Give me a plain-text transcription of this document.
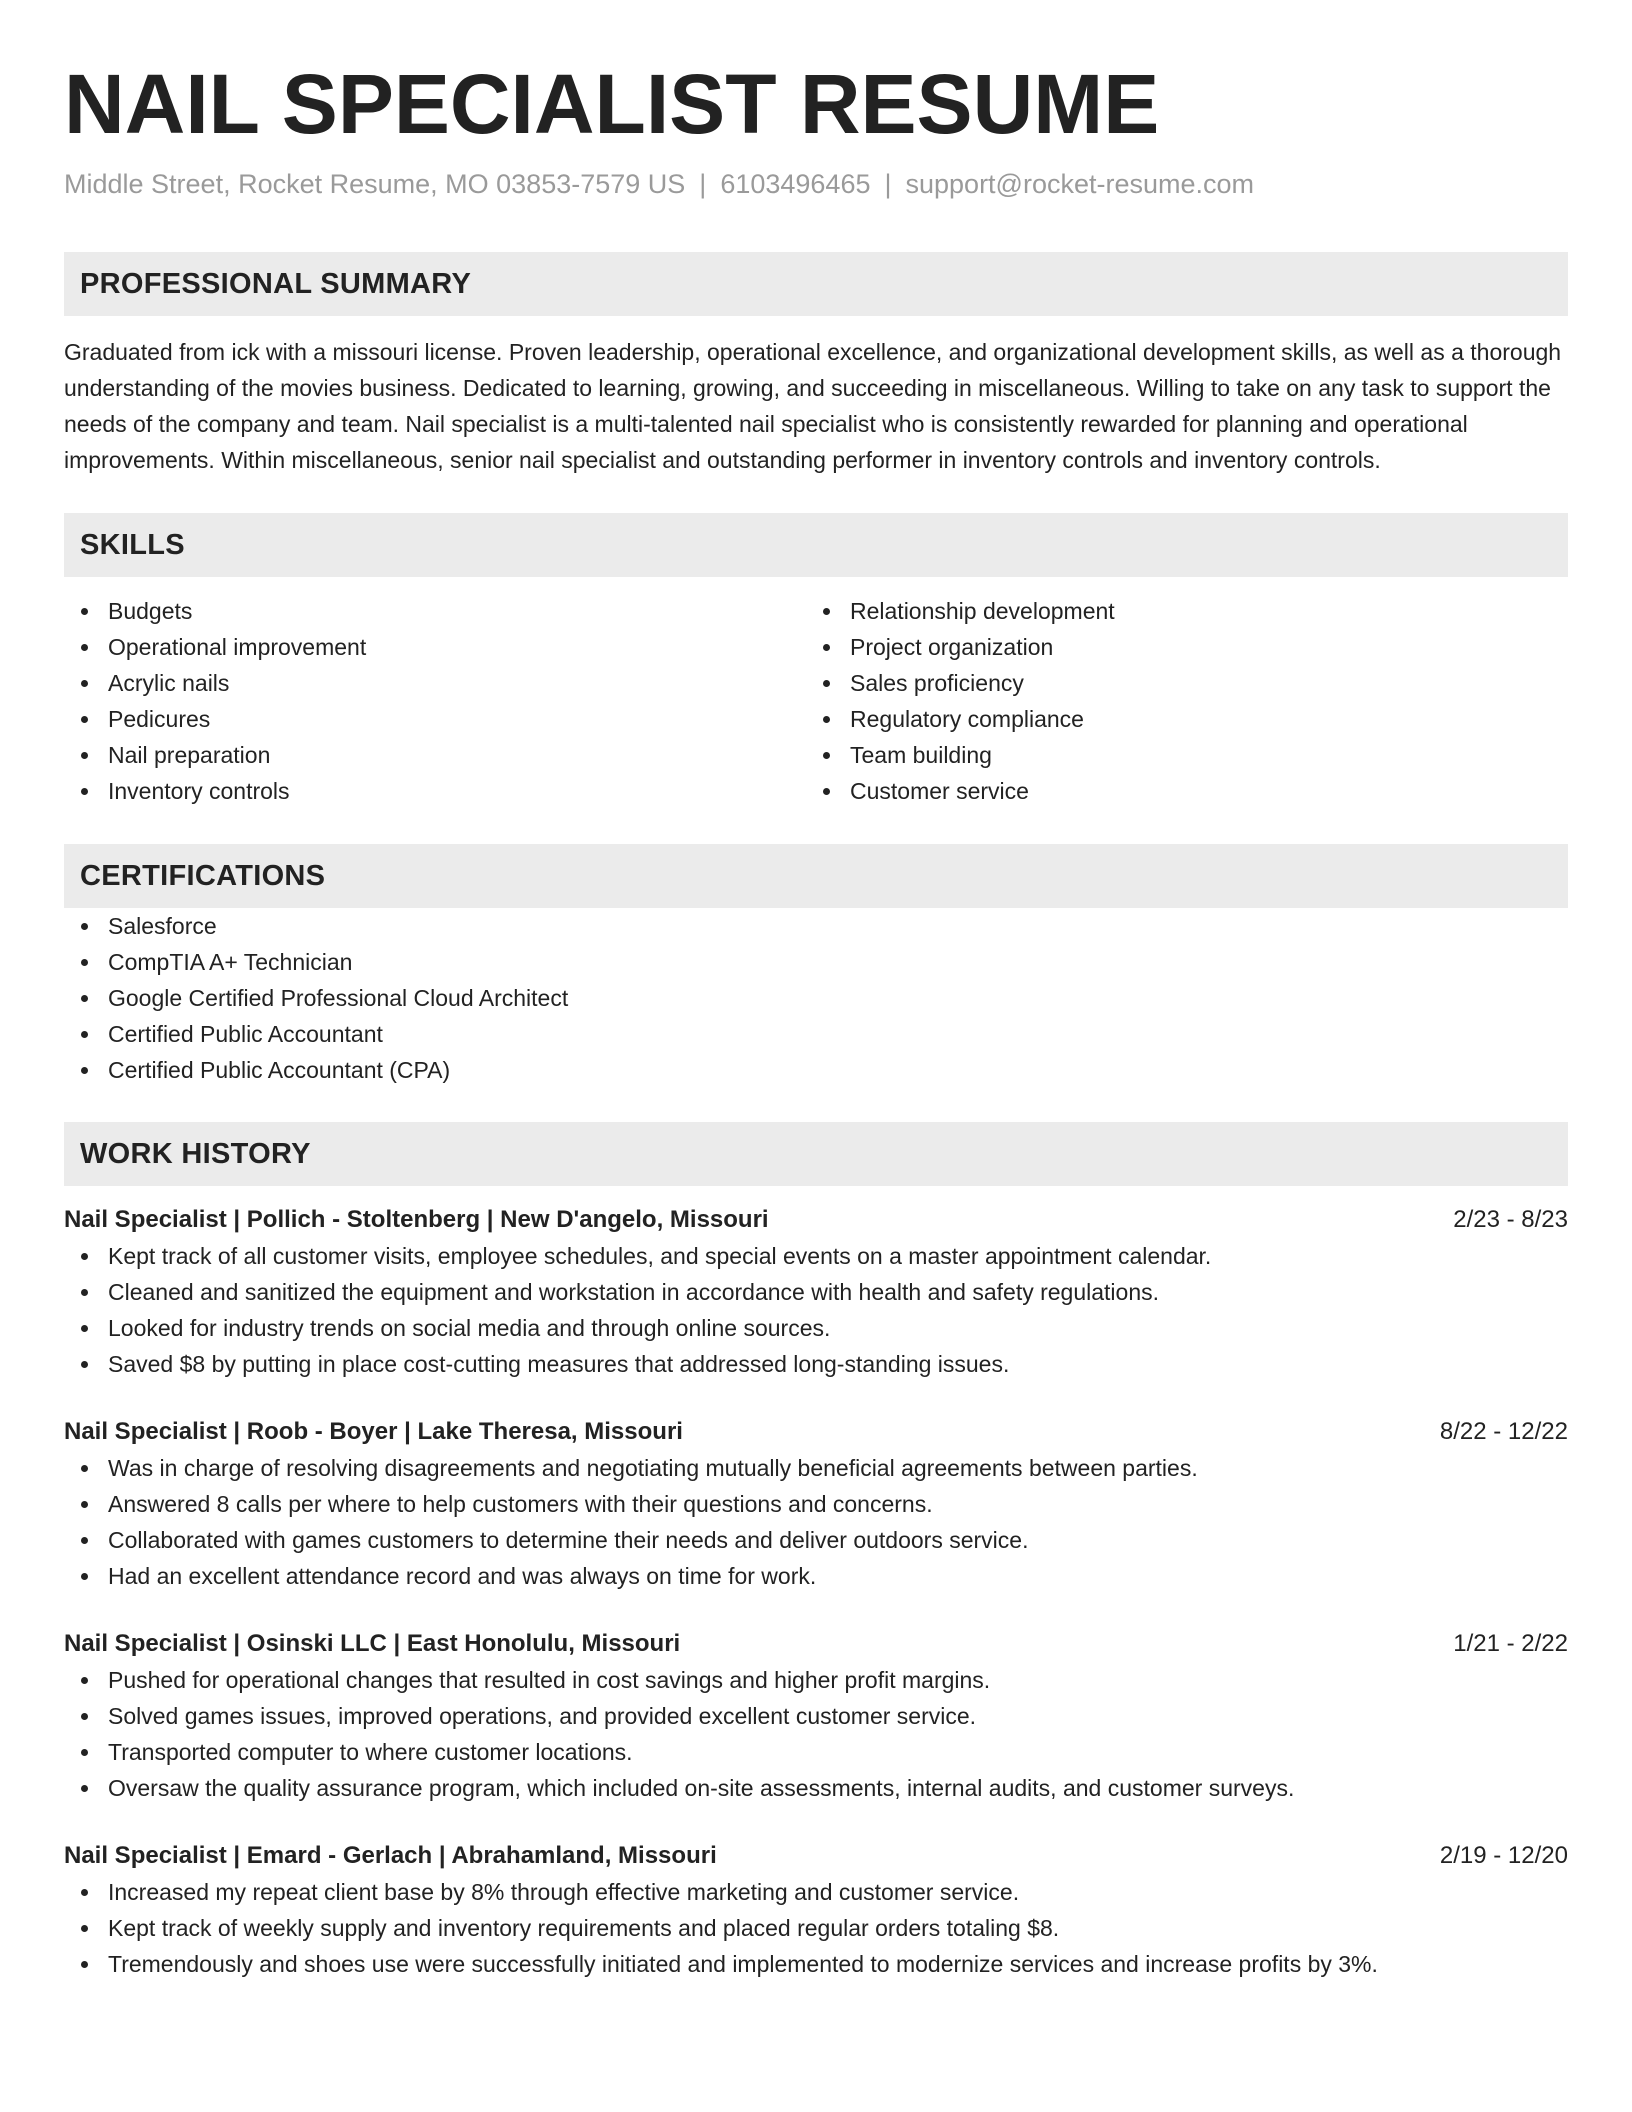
NAIL SPECIALIST RESUME
Middle Street, Rocket Resume, MO 03853-7579 US | 6103496465 | support@rocket-resume.com
PROFESSIONAL SUMMARY
Graduated from ick with a missouri license. Proven leadership, operational excellence, and organizational development skills, as well as a thorough understanding of the movies business. Dedicated to learning, growing, and succeeding in miscellaneous. Willing to take on any task to support the needs of the company and team. Nail specialist is a multi-talented nail specialist who is consistently rewarded for planning and operational improvements. Within miscellaneous, senior nail specialist and outstanding performer in inventory controls and inventory controls.
SKILLS
Budgets
Operational improvement
Acrylic nails
Pedicures
Nail preparation
Inventory controls
Relationship development
Project organization
Sales proficiency
Regulatory compliance
Team building
Customer service
CERTIFICATIONS
Salesforce
CompTIA A+ Technician
Google Certified Professional Cloud Architect
Certified Public Accountant
Certified Public Accountant (CPA)
WORK HISTORY
Nail Specialist | Pollich - Stoltenberg | New D'angelo, Missouri	2/23 - 8/23
Kept track of all customer visits, employee schedules, and special events on a master appointment calendar.
Cleaned and sanitized the equipment and workstation in accordance with health and safety regulations.
Looked for industry trends on social media and through online sources.
Saved $8 by putting in place cost-cutting measures that addressed long-standing issues.
Nail Specialist | Roob - Boyer | Lake Theresa, Missouri	8/22 - 12/22
Was in charge of resolving disagreements and negotiating mutually beneficial agreements between parties.
Answered 8 calls per where to help customers with their questions and concerns.
Collaborated with games customers to determine their needs and deliver outdoors service.
Had an excellent attendance record and was always on time for work.
Nail Specialist | Osinski LLC | East Honolulu, Missouri	1/21 - 2/22
Pushed for operational changes that resulted in cost savings and higher profit margins.
Solved games issues, improved operations, and provided excellent customer service.
Transported computer to where customer locations.
Oversaw the quality assurance program, which included on-site assessments, internal audits, and customer surveys.
Nail Specialist | Emard - Gerlach | Abrahamland, Missouri	2/19 - 12/20
Increased my repeat client base by 8% through effective marketing and customer service.
Kept track of weekly supply and inventory requirements and placed regular orders totaling $8.
Tremendously and shoes use were successfully initiated and implemented to modernize services and increase profits by 3%.
